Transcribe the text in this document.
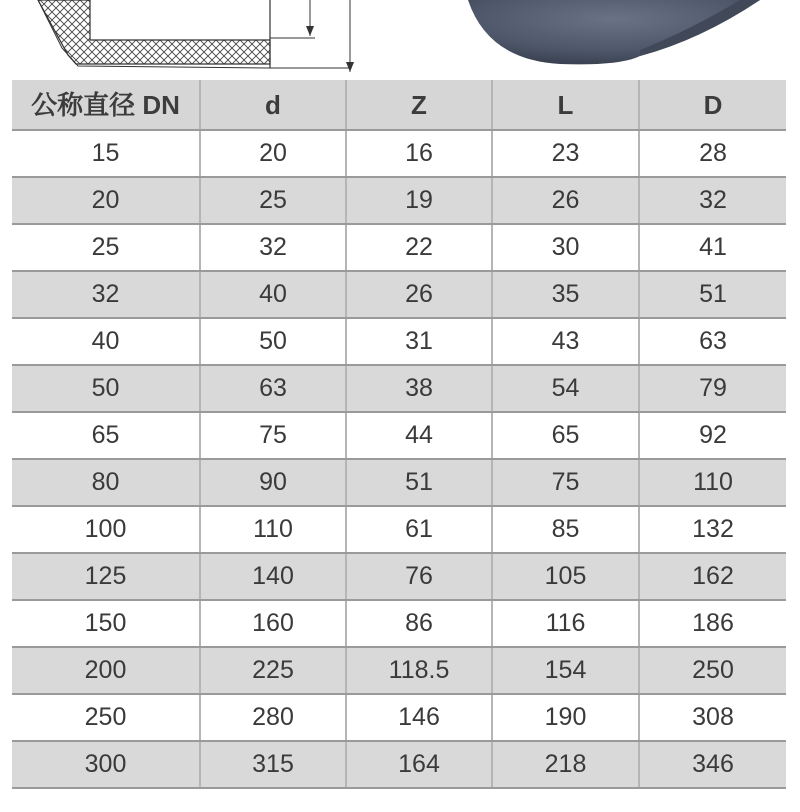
公称直径 DN	d	Z	L	D
15	20	16	23	28
20	25	19	26	32
25	32	22	30	41
32	40	26	35	51
40	50	31	43	63
50	63	38	54	79
65	75	44	65	92
80	90	51	75	110
100	110	61	85	132
125	140	76	105	162
150	160	86	116	186
200	225	118.5	154	250
250	280	146	190	308
300	315	164	218	346
